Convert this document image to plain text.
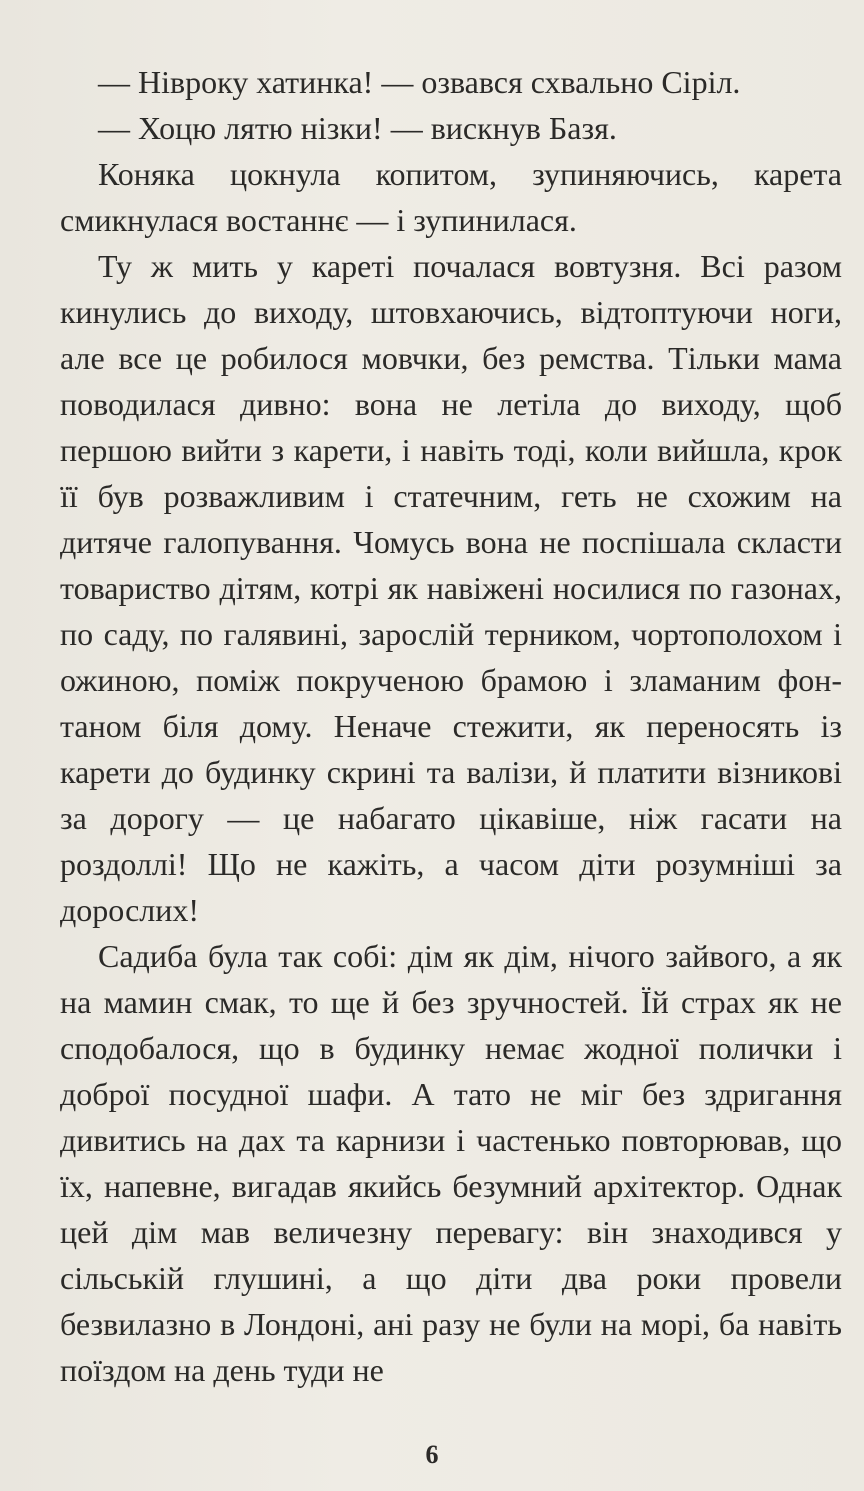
— Нівроку хатинка! — озвався схвально Сіріл.

— Хоцю лятю нізки! — вискнув Базя.

Коняка цокнула копитом, зупиняючись, карета смикнулася востаннє — і зупинилася.

Ту ж мить у кареті почалася вовтузня. Всі разом кинулись до виходу, штовхаючись, відтоптуючи ноги, але все це робилося мовчки, без ремства. Тільки мама поводилася дивно: вона не летіла до виходу, щоб першою вийти з карети, і навіть тоді, коли вийшла, крок її був розважливим і статечним, геть не схожим на дитяче галопування. Чомусь вона не поспішала скласти товариство дітям, котрі як навіжені носилися по газонах, по саду, по галявині, зарослій терником, чортополохом і ожиною, поміж покрученою брамою і зламаним фонтаном біля дому. Неначе стежити, як переносять із карети до будинку скрині та валізи, й платити візникові за дорогу — це набагато цікавіше, ніж гасати на роздоллі! Що не кажіть, а часом діти розумніші за дорослих!

Садиба була так собі: дім як дім, нічого зайвого, а як на мамин смак, то ще й без зручностей. Їй страх як не сподобалося, що в будинку немає жодної полички і доброї посудної шафи. А тато не міг без здригання дивитись на дах та карнизи і частенько повторював, що їх, напевне, вигадав якийсь безумний архітектор. Однак цей дім мав величезну перевагу: він знаходився у сільській глушині, а що діти два роки провели безвилазно в Лондоні, ані разу не були на морі, ба навіть поїздом на день туди не

6
